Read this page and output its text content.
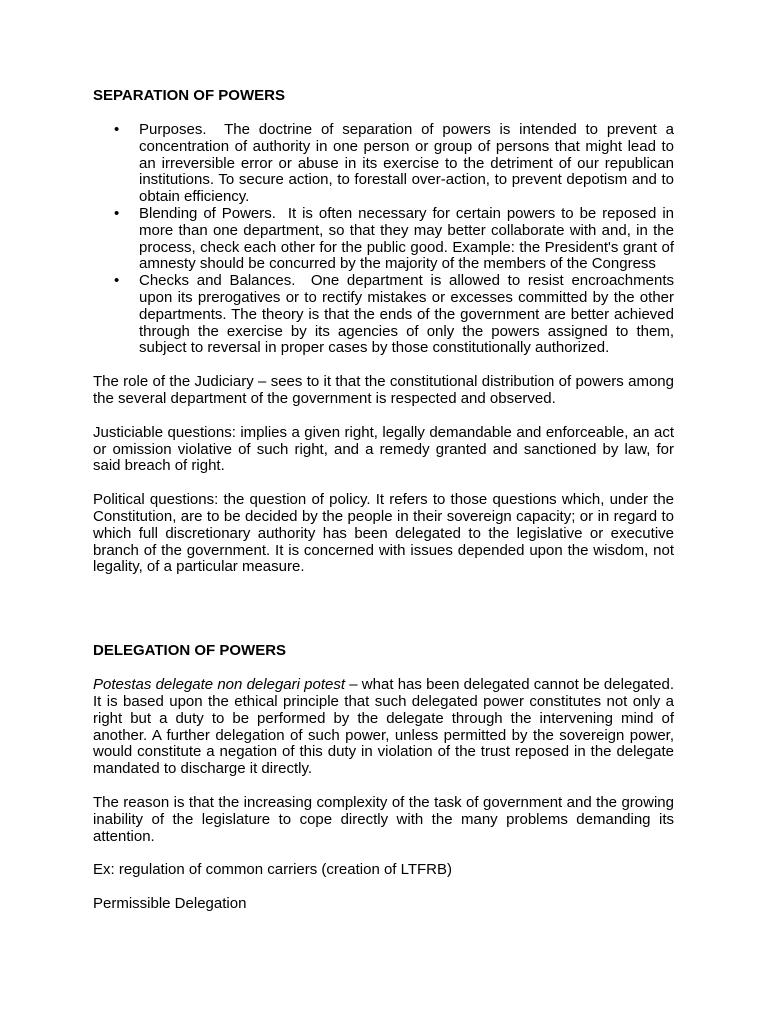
SEPARATION OF POWERS

• Purposes. The doctrine of separation of powers is intended to prevent a concentration of authority in one person or group of persons that might lead to an irreversible error or abuse in its exercise to the detriment of our republican institutions. To secure action, to forestall over-action, to prevent depotism and to obtain efficiency.
• Blending of Powers. It is often necessary for certain powers to be reposed in more than one department, so that they may better collaborate with and, in the process, check each other for the public good. Example: the President's grant of amnesty should be concurred by the majority of the members of the Congress
• Checks and Balances. One department is allowed to resist encroachments upon its prerogatives or to rectify mistakes or excesses committed by the other departments. The theory is that the ends of the government are better achieved through the exercise by its agencies of only the powers assigned to them, subject to reversal in proper cases by those constitutionally authorized.

The role of the Judiciary – sees to it that the constitutional distribution of powers among the several department of the government is respected and observed.

Justiciable questions: implies a given right, legally demandable and enforceable, an act or omission violative of such right, and a remedy granted and sanctioned by law, for said breach of right.

Political questions: the question of policy. It refers to those questions which, under the Constitution, are to be decided by the people in their sovereign capacity; or in regard to which full discretionary authority has been delegated to the legislative or executive branch of the government. It is concerned with issues depended upon the wisdom, not legality, of a particular measure.

DELEGATION OF POWERS

Potestas delegate non delegari potest – what has been delegated cannot be delegated. It is based upon the ethical principle that such delegated power constitutes not only a right but a duty to be performed by the delegate through the intervening mind of another. A further delegation of such power, unless permitted by the sovereign power, would constitute a negation of this duty in violation of the trust reposed in the delegate mandated to discharge it directly.

The reason is that the increasing complexity of the task of government and the growing inability of the legislature to cope directly with the many problems demanding its attention.

Ex: regulation of common carriers (creation of LTFRB)

Permissible Delegation
